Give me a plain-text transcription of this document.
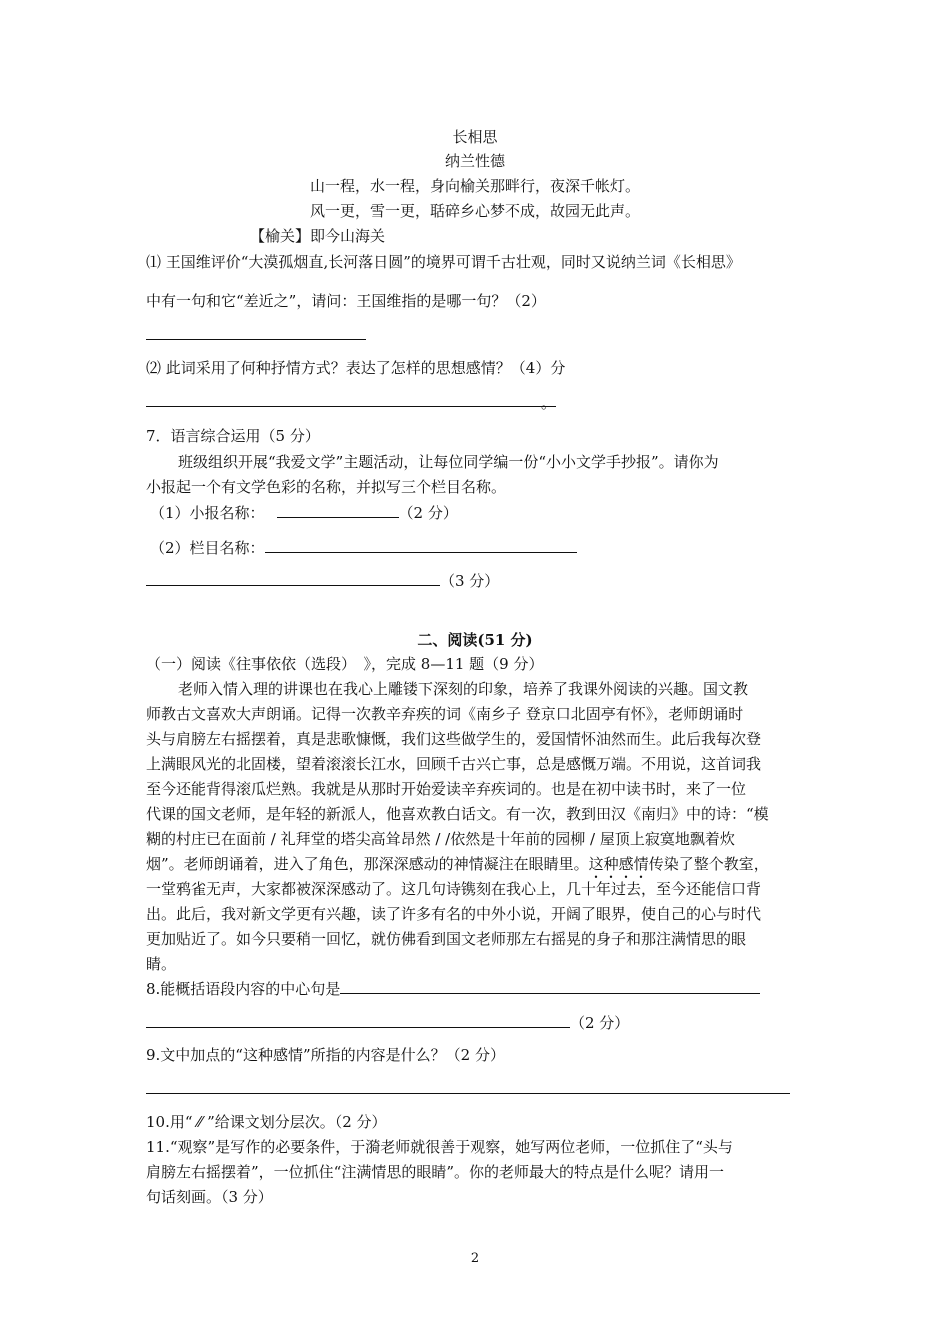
长相思
纳兰性德
山一程，水一程，身向榆关那畔行，夜深千帐灯。
风一更，雪一更，聒碎乡心梦不成，故园无此声。
【榆关】即今山海关
⑴ 王国维评价“大漠孤烟直,长河落日圆”的境界可谓千古壮观，同时又说纳兰词《长相思》
中有一句和它“差近之”，请问：王国维指的是哪一句？（2）
⑵ 此词采用了何种抒情方式？表达了怎样的思想感情？（4）分
。
7．语言综合运用（5 分）
班级组织开展“我爱文学”主题活动，让每位同学编一份“小小文学手抄报”。请你为
小报起一个有文学色彩的名称，并拟写三个栏目名称。
（1）小报名称：	（2 分）
（2）栏目名称：
（3 分）
二、阅读(51 分)
（一）阅读《往事依依（选段）　》，完成 8—11 题（9 分）
老师入情入理的讲课也在我心上雕镂下深刻的印象，培养了我课外阅读的兴趣。国文教
师教古文喜欢大声朗诵。记得一次教辛弃疾的词《南乡子 登京口北固亭有怀》，老师朗诵时
头与肩膀左右摇摆着，真是悲歌慷慨，我们这些做学生的，爱国情怀油然而生。此后我每次登
上满眼风光的北固楼，望着滚滚长江水，回顾千古兴亡事，总是感慨万端。不用说，这首词我
至今还能背得滚瓜烂熟。我就是从那时开始爱读辛弃疾词的。也是在初中读书时，来了一位
代课的国文老师，是年轻的新派人，他喜欢教白话文。有一次，教到田汉《南归》中的诗：“模
糊的村庄已在面前 / 礼拜堂的塔尖高耸昂然 / /依然是十年前的园柳 / 屋顶上寂寞地飘着炊
烟”。老师朗诵着，进入了角色，那深深感动的神情凝注在眼睛里。这种感情传染了整个教室，
一堂鸦雀无声，大家都被深深感动了。这几句诗镌刻在我心上，几十年过去，至今还能信口背
出。此后，我对新文学更有兴趣，读了许多有名的中外小说，开阔了眼界，使自己的心与时代
更加贴近了。如今只要稍一回忆，就仿佛看到国文老师那左右摇晃的身子和那注满情思的眼
睛。
8.能概括语段内容的中心句是
（2 分）
9.文中加点的“这种感情”所指的内容是什么？（2 分）
10.用“ ⁄⁄ ”给课文划分层次。（2 分）
11.“观察”是写作的必要条件，于漪老师就很善于观察，她写两位老师，一位抓住了“头与
肩膀左右摇摆着”，一位抓住“注满情思的眼睛”。你的老师最大的特点是什么呢？请用一
句话刻画。（3 分）
2
